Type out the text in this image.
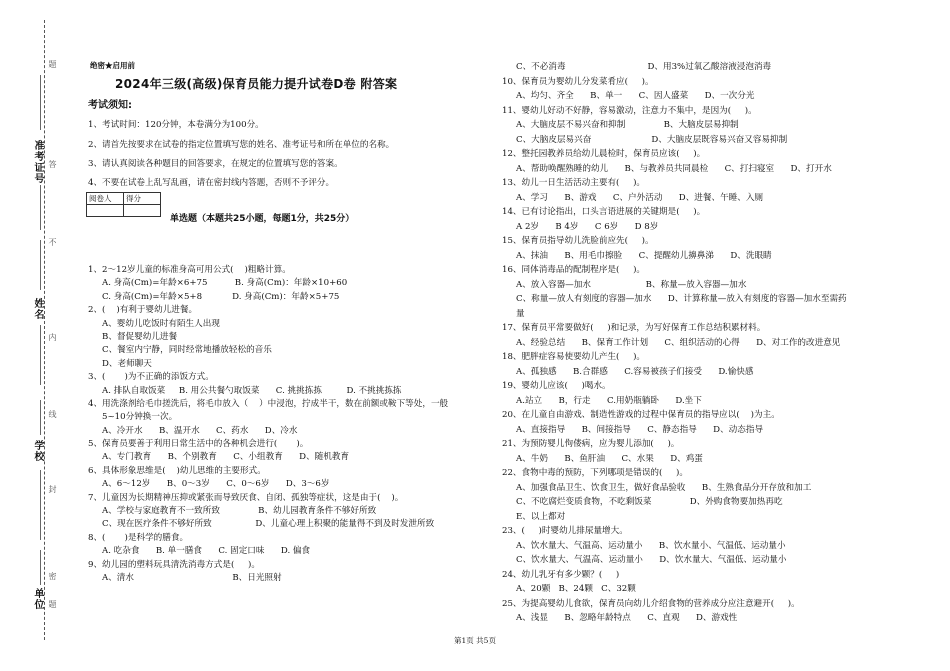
准考证号
姓名
学校
单位
题
答
不
内
线
封
密
题
绝密★启用前
2024年三级(高级)保育员能力提升试卷D卷 附答案
考试须知:
1、考试时间：120分钟，本卷满分为100分。
2、请首先按要求在试卷的指定位置填写您的姓名、准考证号和所在单位的名称。
3、请认真阅读各种题目的回答要求，在规定的位置填写您的答案。
4、不要在试卷上乱写乱画，请在密封线内答题，否则不予评分。
阅卷人	得分

单选题（本题共25小题，每题1分，共25分）
1、2～12岁儿童的标准身高可用公式(    )粗略计算。
A. 身高(Cm)=年龄×6+75          B. 身高(Cm)：年龄×10+60
C. 身高(Cm)=年龄×5+8           D. 身高(Cm)：年龄×5+75
2、(    )有利于婴幼儿进餐。
A、婴幼儿吃饭时有陌生人出现
B、督促婴幼儿进餐
C、餐室内宁静，同时经常地播放轻松的音乐
D、老师聊天
3、(       )为不正确的添饭方式。
A. 排队自取饭菜     B. 用公共餐勺取饭菜      C. 挑挑拣拣         D. 不挑挑拣拣
4、用洗涤剂给毛巾搓洗后，将毛巾放入（    ）中浸泡，拧成半干，数在前额或鞍下等处，一般
5~10分钟换一次。
A、冷开水      B、温开水      C、药水      D、冷水
5、保育员要善于利用日常生活中的各种机会进行(       )。
A、专门教育      B、个别教育      C、小组教育      D、随机教育
6、具体形象思维是(    )幼儿思维的主要形式。
A、6～12岁      B、0～3岁      C、0～6岁      D、3～6岁
7、儿童因为长期精神压抑或紧张而导致厌食、自闭、孤独等症状，这是由于(    )。
A、学校与家庭教育不一致所致              B、幼儿园教育条件不够好所致
C、现在医疗条件不够好所致                D、儿童心理上积聚的能量得不到及时发泄所致
8、(       )是科学的膳食。
A. 吃杂食      B. 单一膳食      C. 固定口味      D. 偏食
9、幼儿园的塑料玩具清洗消毒方式是(     )。
A、清水                                    B、日光照射
C、不必消毒                              D、用3%过氧乙酸溶液浸泡消毒
10、保育员为婴幼儿分发菜肴应(     )。
A、均匀、齐全      B、单一      C、因人盛菜      D、一次分光
11、婴幼儿好动不好静，容易激动，注意力不集中，是因为(     )。
A、大脑皮层不易兴奋和抑制              B、大脑皮层易抑制
C、大脑皮层易兴奋                      D、大脑皮层既容易兴奋又容易抑制
12、整托园教养员给幼儿晨检时，保育员应该(     )。
A、帮助唤醒熟睡的幼儿      B、与教养员共同晨检      C、打扫寝室      D、打开水
13、幼儿一日生活活动主要有(     )。
A、学习      B、游戏      C、户外活动      D、进餐、午睡、入厕
14、已有讨论指出，口头言语进展的关键期是(     )。
A 2岁      B 4岁      C 6岁      D 8岁
15、保育员指导幼儿洗脸前应先(     )。
A、抹油      B、用毛巾擦脸      C、提醒幼儿擤鼻涕      D、洗眼睛
16、同体消毒品的配制程序是(     )。
A、放入容器—加水                    B、称量—放入容器—加水
C、称量—放人有刻度的容器—加水      D、计算称量—放入有刻度的容器—加水至需药
量
17、保育员平常要做好(     )和记录，为写好保育工作总结积累材料。
A、经验总结      B、保育工作计划      C、组织活动的心得      D、对工作的改进意见
18、肥胖症容易使要幼儿产生(     )。
A、孤独感      B.合群感      C.容易被孩子们接受      D.愉快感
19、婴幼儿应该(     )喝水。
A.站立      B，行走      C.用奶瓶躺卧      D.坐下
20、在儿童自由游戏、制造性游戏的过程中保育员的指导应以(    )为主。
A、直接指导      B、间接指导      C、静态指导      D、动态指导
21、为预防婴儿佝偻病，应为婴儿添加(     )。
A、牛奶      B、鱼肝油      C、水果      D、鸡蛋
22、食物中毒的预防，下列哪项是错误的(     )。
A、加强食品卫生、饮食卫生，做好食品验收      B、生熟食品分开存放和加工
C、不吃腐烂变质食物，不吃剩饭菜              D、外购食物要加热再吃
E、以上都对
23、(     )时婴幼儿排尿量增大。
A、饮水量大、气温高、运动量小      B、饮水量小、气温低、运动量小
C、饮水量大、气温高、运动量小      D、饮水量大、气温低、运动量小
24、幼儿乳牙有多少颗？(     )
A、20颗   B、24颗   C、32颗
25、为提高婴幼儿食欲，保育员向幼儿介绍食物的营养成分应注意避开(     )。
A、浅显      B、忽略年龄特点      C、直观      D、游戏性
第1页 共5页
